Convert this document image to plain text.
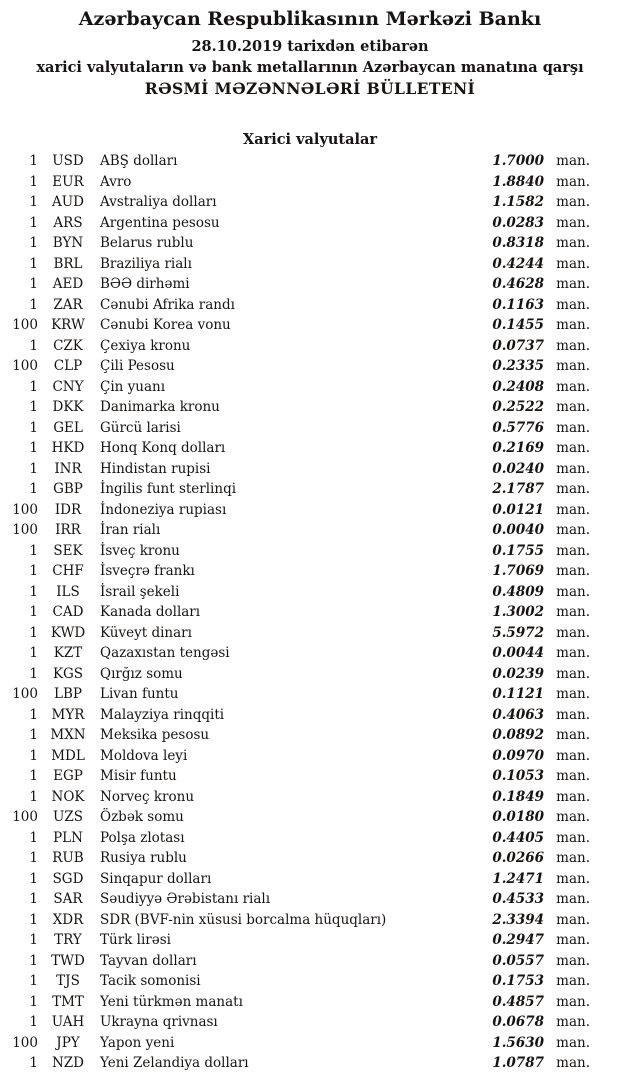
Azərbaycan Respublikasının Mərkəzi Bankı
28.10.2019 tarixdən etibarən
xarici valyutaların və bank metallarının Azərbaycan manatına qarşı
RƏSMİ MƏZƏNNƏLƏRİ BÜLLETENİ
Xarici valyutalar
1	USD	ABŞ dolları	1.7000 man.
1	EUR	Avro	1.8840 man.
1	AUD	Avstraliya dolları	1.1582 man.
1	ARS	Argentina pesosu	0.0283 man.
1	BYN	Belarus rublu	0.8318 man.
1	BRL	Braziliya rialı	0.4244 man.
1	AED	BƏƏ dirhəmi	0.4628 man.
1	ZAR	Cənubi Afrika randı	0.1163 man.
100 KRW	Cənubi Korea vonu	0.1455 man.
1	CZK	Çexiya kronu	0.0737 man.
100	CLP	Çili Pesosu	0.2335 man.
1	CNY	Çin yuanı	0.2408 man.
1	DKK	Danimarka kronu	0.2522 man.
1	GEL	Gürcü larisi	0.5776 man.
1	HKD	Honq Konq dolları	0.2169 man.
1	INR	Hindistan rupisi	0.0240 man.
1	GBP	İngilis funt sterlinqi	2.1787 man.
100	IDR	İndoneziya rupiası	0.0121 man.
100	IRR	İran rialı	0.0040 man.
1	SEK	İsveç kronu	0.1755 man.
1	CHF	İsveçrə frankı	1.7069 man.
1	ILS	İsrail şekeli	0.4809 man.
1	CAD	Kanada dolları	1.3002 man.
1 KWD	Küveyt dinarı	5.5972 man.
1	KZT	Qazaxıstan tengəsi	0.0044 man.
1	KGS	Qırğız somu	0.0239 man.
100	LBP	Livan funtu	0.1121 man.
1	MYR	Malayziya rinqqiti	0.4063 man.
1 MXN	Meksika pesosu	0.0892 man.
1 MDL	Moldova leyi	0.0970 man.
1	EGP	Misir funtu	0.1053 man.
1	NOK	Norveç kronu	0.1849 man.
100	UZS	Özbək somu	0.0180 man.
1	PLN	Polşa zlotası	0.4405 man.
1	RUB	Rusiya rublu	0.0266 man.
1	SGD	Sinqapur dolları	1.2471 man.
1	SAR	Səudiyyə Ərəbistanı rialı	0.4533 man.
1	XDR	SDR (BVF-nin xüsusi borcalma hüquqları)	2.3394 man.
1	TRY	Türk lirəsi	0.2947 man.
1 TWD	Tayvan dolları	0.0557 man.
1	TJS	Tacik somonisi	0.1753 man.
1	TMT	Yeni türkmən manatı	0.4857 man.
1	UAH	Ukrayna qrivnası	0.0678 man.
100	JPY	Yapon yeni	1.5630 man.
1	NZD	Yeni Zelandiya dolları	1.0787 man.
